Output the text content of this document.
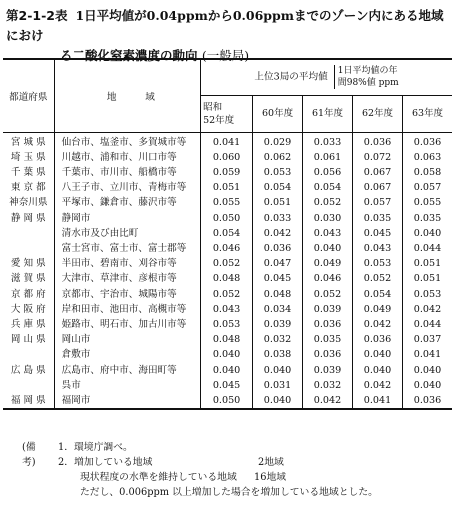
第2-1-2表 1日平均値が0.04ppmから0.06ppmまでのゾーン内にある地域におけ
る二酸化窒素濃度の動向 (一般局)
都道府県	地　　　域	上位3局の平均値 1日平均値の年
間98%値 ppm				
		昭和
52年度	60年度	61年度	62年度	63年度
宮 城 県	仙台市、塩釜市、多賀城市等	0.041	0.029	0.033	0.036	0.036
埼 玉 県	川越市、浦和市、川口市等	0.060	0.062	0.061	0.072	0.063
千 葉 県	千葉市、市川市、船橋市等	0.059	0.053	0.056	0.067	0.058
東 京 都	八王子市、立川市、青梅市等	0.051	0.054	0.054	0.067	0.057
神奈川県	平塚市、鎌倉市、藤沢市等	0.055	0.051	0.052	0.057	0.055
静 岡 県	静岡市	0.050	0.033	0.030	0.035	0.035
	清水市及び由比町	0.054	0.042	0.043	0.045	0.040
	富士宮市、富士市、富士郡等	0.046	0.036	0.040	0.043	0.044
愛 知 県	半田市、碧南市、刈谷市等	0.052	0.047	0.049	0.053	0.051
滋 賀 県	大津市、草津市、彦根市等	0.048	0.045	0.046	0.052	0.051
京 都 府	京都市、宇治市、城陽市等	0.052	0.048	0.052	0.054	0.053
大 阪 府	岸和田市、池田市、高槻市等	0.043	0.034	0.039	0.049	0.042
兵 庫 県	姫路市、明石市、加古川市等	0.053	0.039	0.036	0.042	0.044
岡 山 県	岡山市	0.048	0.032	0.035	0.036	0.037
	倉敷市	0.040	0.038	0.036	0.040	0.041
広 島 県	広島市、府中市、海田町等	0.040	0.040	0.039	0.040	0.040
	呉市	0.045	0.031	0.032	0.042	0.040
福 岡 県	福岡市	0.050	0.040	0.042	0.041	0.036
(備考)
1．環境庁調べ。
2．増加している地域	2地域
現状程度の水準を維持している地域 16地域
ただし、0.006ppm 以上増加した場合を増加している地域とした。
